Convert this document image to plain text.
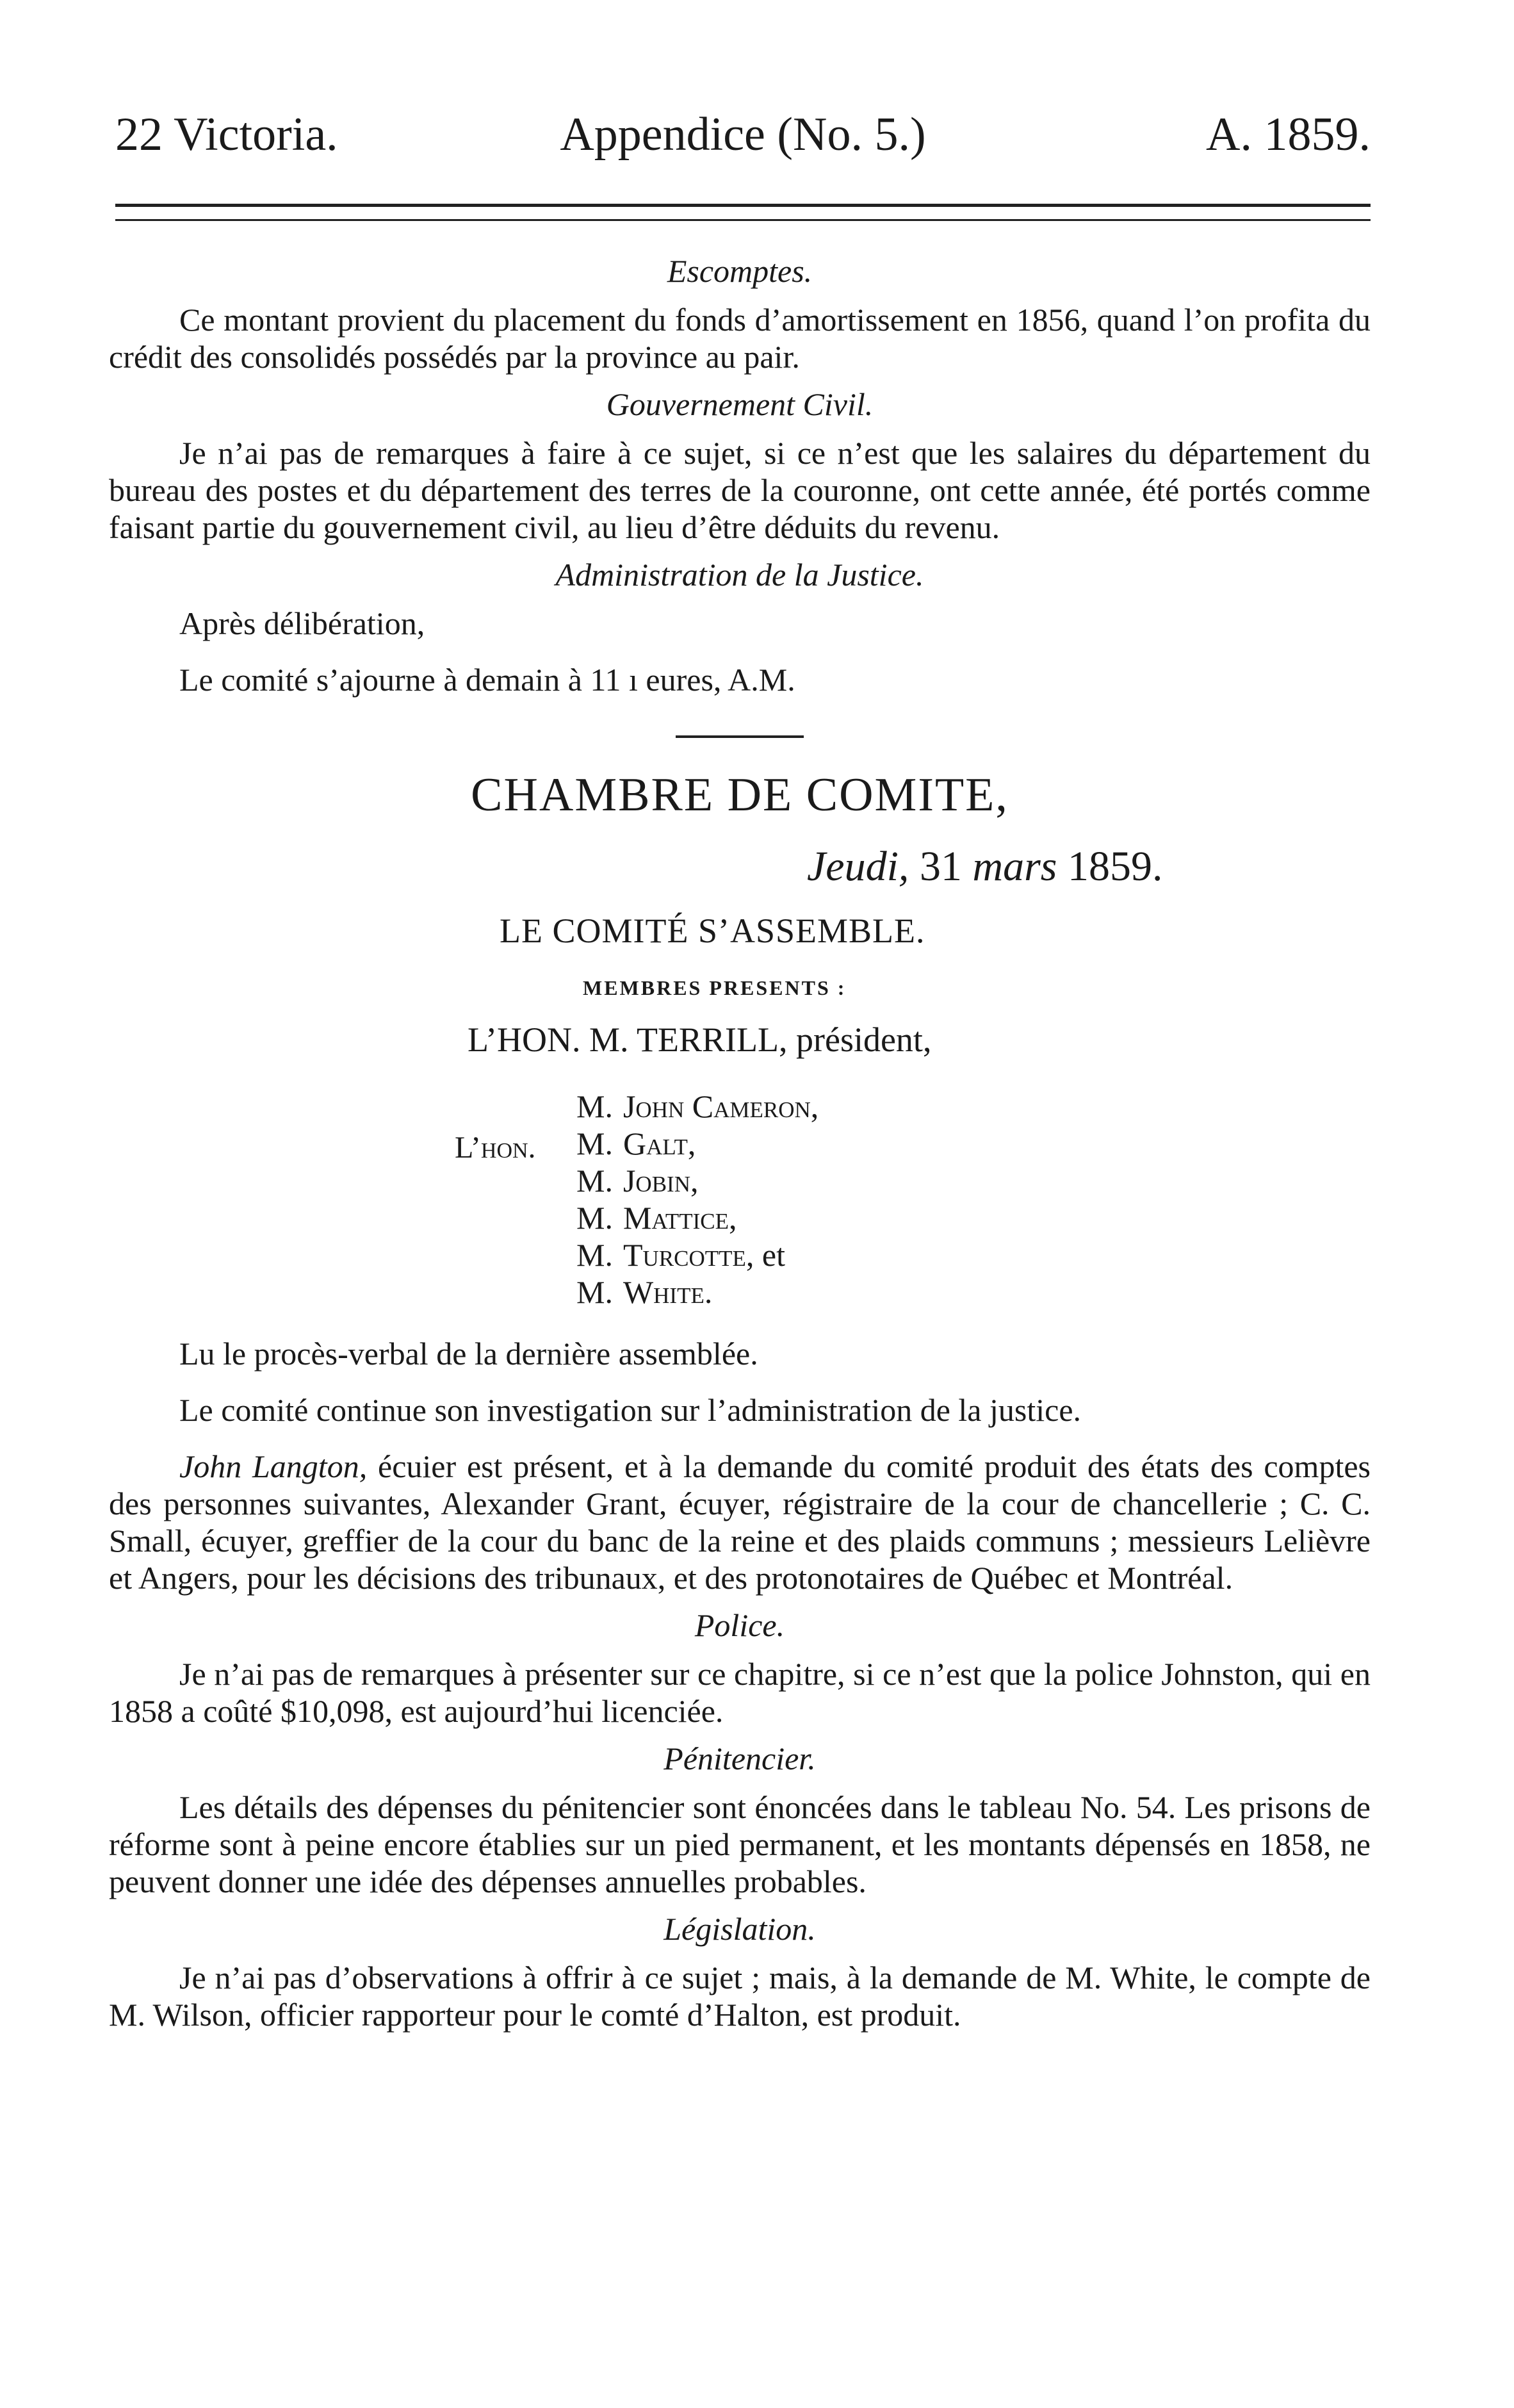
22 Victoria.	Appendice (No. 5.)	A. 1859.
Escomptes.

Ce montant provient du placement du fonds d’amortissement en 1856, quand l’on profita du crédit des consolidés possédés par la province au pair.

Gouvernement Civil.

Je n’ai pas de remarques à faire à ce sujet, si ce n’est que les salaires du département du bureau des postes et du département des terres de la couronne, ont cette année, été portés comme faisant partie du gouvernement civil, au lieu d’être déduits du revenu.

Administration de la Justice.
Après délibération,
Le comité s’ajourne à demain à 11 ı eures, A.M.
CHAMBRE DE COMITE,
Jeudi, 31 mars 1859.
LE COMITÉ S’ASSEMBLE.
MEMBRES PRESENTS :
L’HON. M. TERRILL, président,
L’hon.
M. John Cameron,
M. Galt,
M. Jobin,
M. Mattice,
M. Turcotte, et
M. White.
Lu le procès-verbal de la dernière assemblée.
Le comité continue son investigation sur l’administration de la justice.

John Langton, écuier est présent, et à la demande du comité produit des états des comptes des personnes suivantes, Alexander Grant, écuyer, régistraire de la cour de chancellerie ; C. C. Small, écuyer, greffier de la cour du banc de la reine et des plaids communs ; messieurs Lelièvre et Angers, pour les décisions des tribunaux, et des protonotaires de Québec et Montréal.

Police.

Je n’ai pas de remarques à présenter sur ce chapitre, si ce n’est que la police Johnston, qui en 1858 a coûté $10,098, est aujourd’hui licenciée.

Pénitencier.

Les détails des dépenses du pénitencier sont énoncées dans le tableau No. 54. Les prisons de réforme sont à peine encore établies sur un pied permanent, et les montants dépensés en 1858, ne peuvent donner une idée des dépenses annuelles probables.

Législation.

Je n’ai pas d’observations à offrir à ce sujet ; mais, à la demande de M. White, le compte de M. Wilson, officier rapporteur pour le comté d’Halton, est produit.
